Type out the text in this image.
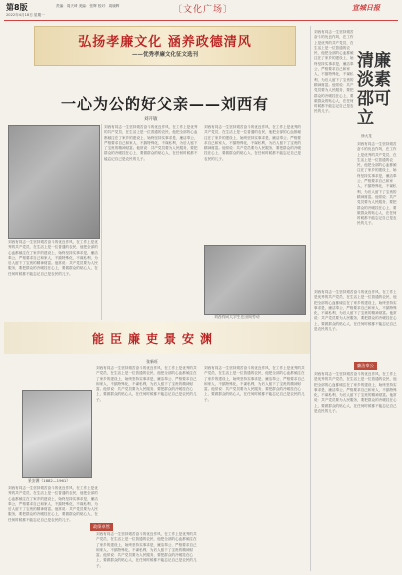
第8版
2022年4月18日 星期一
责编：周天琦 美编：张辉 校对：周晓辉	〔文化广场〕	宣城日报
弘扬孝廉文化 涵养政德清风
——优秀孝廉文化征文选刊
一心为公的好父亲——刘西有
刘开敏
刘西有同志一生坚持艰苦奋斗的优良作风，在工作上是优秀的共产党员，在生活上是一位普通的农民，他把全部的心血都倾注在了家乡的建设上，始终坚持实事求是，廉洁奉公，严格要求自己和家人，不搞特殊化，不谋私利，为后人留下了宝贵的精神财富。他常说：共产党员要为人民服务，要把群众的冷暖挂在心上，要做群众的贴心人，在任何时候都不能忘记自己是农民的儿子。
刘西有同志一生坚持艰苦奋斗的优良作风，在工作上是优秀的共产党员，在生活上是一位普通的农民，他把全部的心血都倾注在了家乡的建设上，始终坚持实事求是，廉洁奉公，严格要求自己和家人，不搞特殊化，不谋私利，为后人留下了宝贵的精神财富。他常说：共产党员要为人民服务，要把群众的冷暖挂在心上，要做群众的贴心人，在任何时候都不能忘记自己是农民的儿子。
刘西有同志一生坚持艰苦奋斗的优良作风，在工作上是优秀的共产党员，在生活上是一位普通的农民，他把全部的心血都倾注在了家乡的建设上，始终坚持实事求是，廉洁奉公，严格要求自己和家人，不搞特殊化，不谋私利，为后人留下了宝贵的精神财富。他常说：共产党员要为人民服务，要把群众的冷暖挂在心上，要做群众的贴心人，在任何时候都不能忘记自己是农民的儿子。
刘西有同大学生在田间劳动
能臣廉吏景安渊
张新旺
景安渊（1882—1961）
刘西有同志一生坚持艰苦奋斗的优良作风，在工作上是优秀的共产党员，在生活上是一位普通的农民，他把全部的心血都倾注在了家乡的建设上，始终坚持实事求是，廉洁奉公，严格要求自己和家人，不搞特殊化，不谋私利，为后人留下了宝贵的精神财富。他常说：共产党员要为人民服务，要把群众的冷暖挂在心上，要做群众的贴心人，在任何时候都不能忘记自己是农民的儿子。
刘西有同志一生坚持艰苦奋斗的优良作风，在工作上是优秀的共产党员，在生活上是一位普通的农民，他把全部的心血都倾注在了家乡的建设上，始终坚持实事求是，廉洁奉公，严格要求自己和家人，不搞特殊化，不谋私利，为后人留下了宝贵的精神财富。他常说：共产党员要为人民服务，要把群众的冷暖挂在心上，要做群众的贴心人，在任何时候都不能忘记自己是农民的儿子。
政绩卓然
刘西有同志一生坚持艰苦奋斗的优良作风，在工作上是优秀的共产党员，在生活上是一位普通的农民，他把全部的心血都倾注在了家乡的建设上，始终坚持实事求是，廉洁奉公，严格要求自己和家人，不搞特殊化，不谋私利，为后人留下了宝贵的精神财富。他常说：共产党员要为人民服务，要把群众的冷暖挂在心上，要做群众的贴心人，在任何时候都不能忘记自己是农民的儿子。
刘西有同志一生坚持艰苦奋斗的优良作风，在工作上是优秀的共产党员，在生活上是一位普通的农民，他把全部的心血都倾注在了家乡的建设上，始终坚持实事求是，廉洁奉公，严格要求自己和家人，不搞特殊化，不谋私利，为后人留下了宝贵的精神财富。他常说：共产党员要为人民服务，要把群众的冷暖挂在心上，要做群众的贴心人，在任何时候都不能忘记自己是农民的儿子。
刘西有同志一生坚持艰苦奋斗的优良作风，在工作上是优秀的共产党员，在生活上是一位普通的农民，他把全部的心血都倾注在了家乡的建设上，始终坚持实事求是，廉洁奉公，严格要求自己和家人，不搞特殊化，不谋私利，为后人留下了宝贵的精神财富。他常说：共产党员要为人民服务，要把群众的冷暖挂在心上，要做群众的贴心人，在任何时候都不能忘记自己是农民的儿子。
清廉淡素邵可立
徐大龙
刘西有同志一生坚持艰苦奋斗的优良作风，在工作上是优秀的共产党员，在生活上是一位普通的农民，他把全部的心血都倾注在了家乡的建设上，始终坚持实事求是，廉洁奉公，严格要求自己和家人，不搞特殊化，不谋私利，为后人留下了宝贵的精神财富。他常说：共产党员要为人民服务，要把群众的冷暖挂在心上，要做群众的贴心人，在任何时候都不能忘记自己是农民的儿子。
刘西有同志一生坚持艰苦奋斗的优良作风，在工作上是优秀的共产党员，在生活上是一位普通的农民，他把全部的心血都倾注在了家乡的建设上，始终坚持实事求是，廉洁奉公，严格要求自己和家人，不搞特殊化，不谋私利，为后人留下了宝贵的精神财富。他常说：共产党员要为人民服务，要把群众的冷暖挂在心上，要做群众的贴心人，在任何时候都不能忘记自己是农民的儿子。
廉洁奉公
刘西有同志一生坚持艰苦奋斗的优良作风，在工作上是优秀的共产党员，在生活上是一位普通的农民，他把全部的心血都倾注在了家乡的建设上，始终坚持实事求是，廉洁奉公，严格要求自己和家人，不搞特殊化，不谋私利，为后人留下了宝贵的精神财富。他常说：共产党员要为人民服务，要把群众的冷暖挂在心上，要做群众的贴心人，在任何时候都不能忘记自己是农民的儿子。
